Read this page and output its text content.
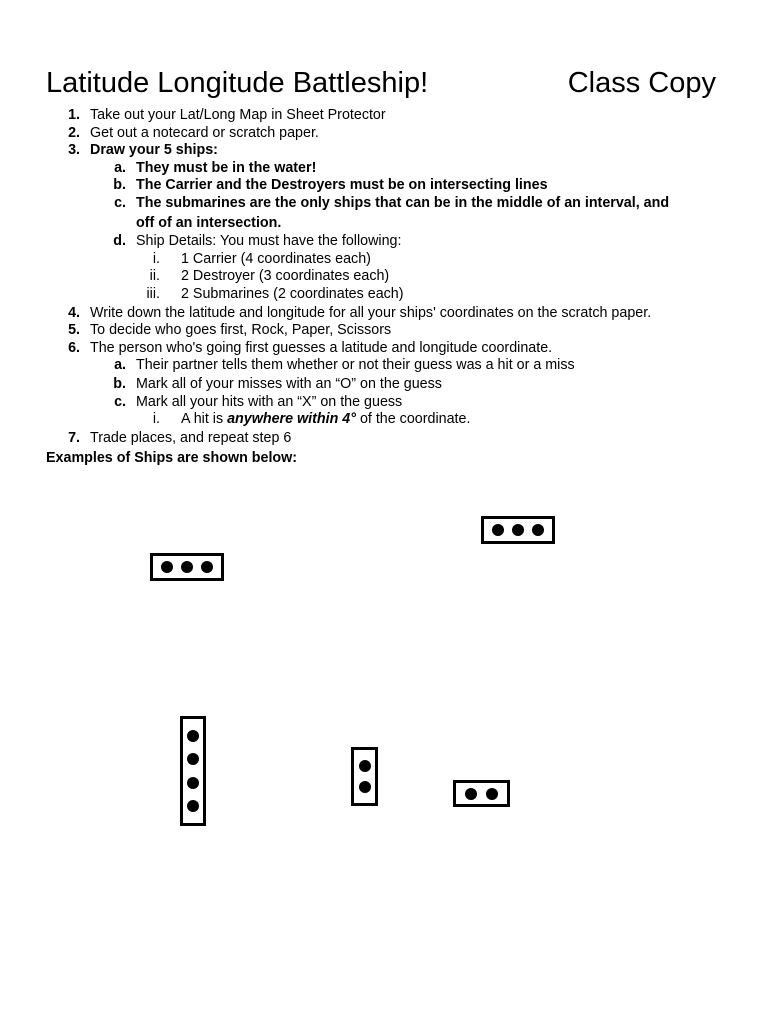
Latitude Longitude Battleship!	Class Copy
1. Take out your Lat/Long Map in Sheet Protector
2. Get out a notecard or scratch paper.
3. Draw your 5 ships:
a. They must be in the water!
b. The Carrier and the Destroyers must be on intersecting lines
c. The submarines are the only ships that can be in the middle of an interval, and
off of an intersection.
d. Ship Details: You must have the following:
i. 1 Carrier (4 coordinates each)
ii. 2 Destroyer (3 coordinates each)
iii. 2 Submarines (2 coordinates each)
4. Write down the latitude and longitude for all your ships' coordinates on the scratch paper.
5. To decide who goes first, Rock, Paper, Scissors
6. The person who's going first guesses a latitude and longitude coordinate.
a. Their partner tells them whether or not their guess was a hit or a miss
b. Mark all of your misses with an “O” on the guess
c. Mark all your hits with an “X” on the guess
i. A hit is anywhere within 4° of the coordinate.
7. Trade places, and repeat step 6
Examples of Ships are shown below:
